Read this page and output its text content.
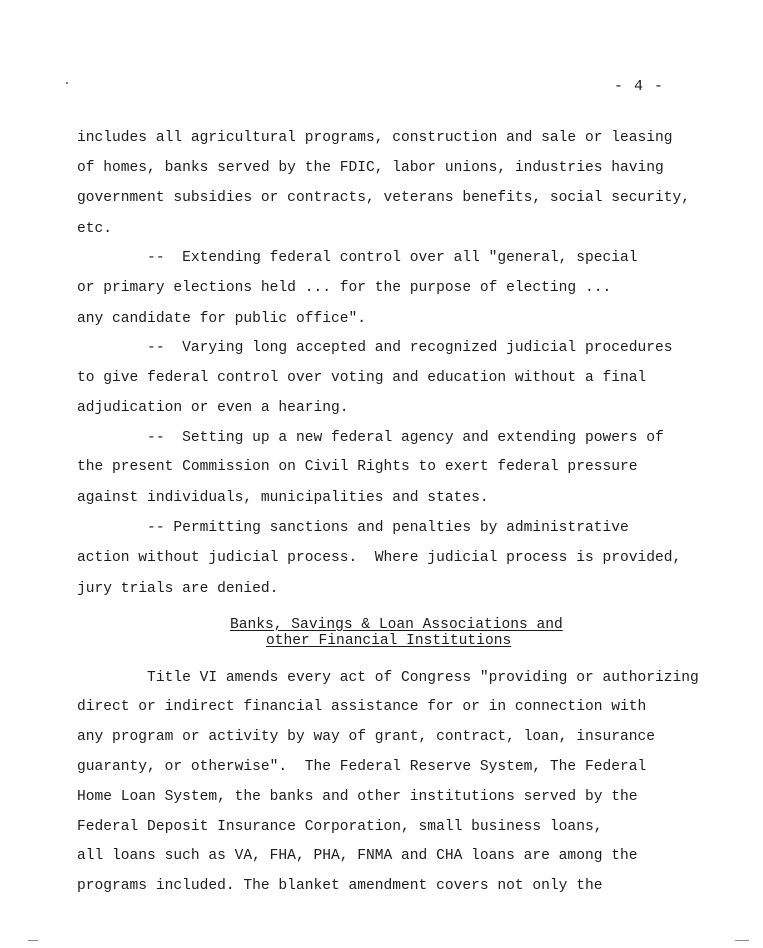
- 4 -
includes all agricultural programs, construction and sale or leasing
of homes, banks served by the FDIC, labor unions, industries having
government subsidies or contracts, veterans benefits, social security,
etc.
--  Extending federal control over all "general, special
or primary elections held ... for the purpose of electing ...
any candidate for public office".
--  Varying long accepted and recognized judicial procedures
to give federal control over voting and education without a final
adjudication or even a hearing.
--  Setting up a new federal agency and extending powers of
the present Commission on Civil Rights to exert federal pressure
against individuals, municipalities and states.
-- Permitting sanctions and penalties by administrative
action without judicial process.  Where judicial process is provided,
jury trials are denied.
Banks, Savings & Loan Associations and
other Financial Institutions
Title VI amends every act of Congress "providing or authorizing
direct or indirect financial assistance for or in connection with
any program or activity by way of grant, contract, loan, insurance
guaranty, or otherwise".  The Federal Reserve System, The Federal
Home Loan System, the banks and other institutions served by the
Federal Deposit Insurance Corporation, small business loans,
all loans such as VA, FHA, PHA, FNMA and CHA loans are among the
programs included. The blanket amendment covers not only the
